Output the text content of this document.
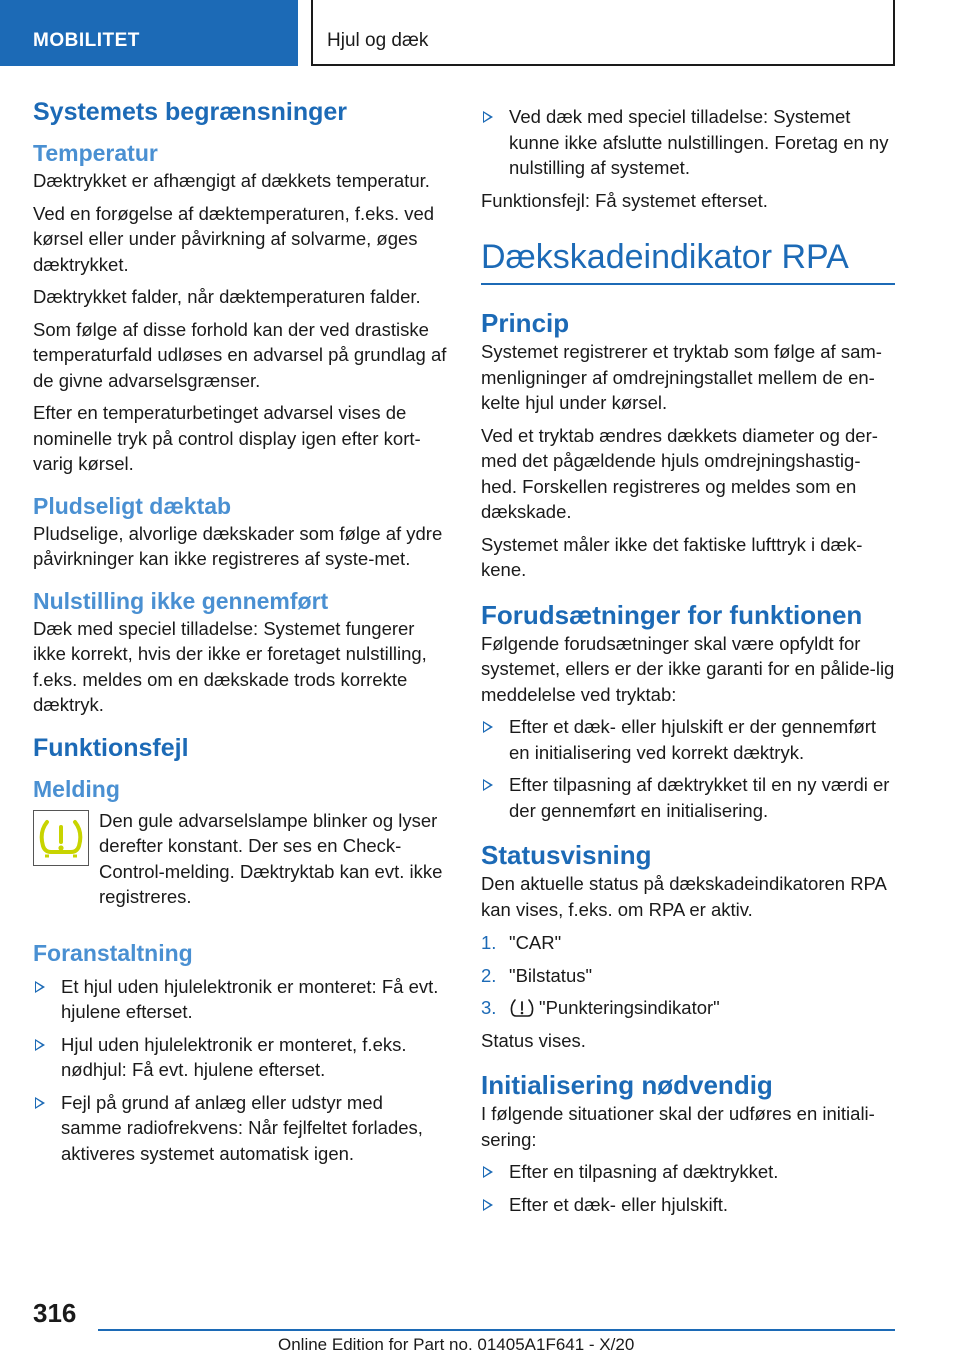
MOBILITET	Hjul og dæk
Systemets begrænsninger
Temperatur

Dæktrykket er afhængigt af dækkets temperatur.

Ved en forøgelse af dæktemperaturen, f.eks. ved kørsel eller under påvirkning af solvarme, øges dæktrykket.

Dæktrykket falder, når dæktemperaturen falder.

Som følge af disse forhold kan der ved drastiske temperaturfald udløses en advarsel på grundlag af de givne advarselsgrænser.

Efter en temperaturbetinget advarsel vises de nominelle tryk på control display igen efter kort-varig kørsel.

Pludseligt dæktab

Pludselige, alvorlige dækskader som følge af ydre påvirkninger kan ikke registreres af syste-met.

Nulstilling ikke gennemført

Dæk med speciel tilladelse: Systemet fungerer ikke korrekt, hvis der ikke er foretaget nulstilling, f.eks. meldes om en dækskade trods korrekte dæktryk.

Funktionsfejl
Melding
Den gule advarselslampe blinker og lyser derefter konstant. Der ses en Check-Control-melding. Dæktryktab kan evt. ikke registreres.
Foranstaltning
Et hjul uden hjulelektronik er monteret: Få evt. hjulene efterset.
Hjul uden hjulelektronik er monteret, f.eks. nødhjul: Få evt. hjulene efterset.
Fejl på grund af anlæg eller udstyr med samme radiofrekvens: Når fejlfeltet forlades, aktiveres systemet automatisk igen.
Ved dæk med speciel tilladelse: Systemet kunne ikke afslutte nulstillingen. Foretag en ny nulstilling af systemet.

Funktionsfejl: Få systemet efterset.

Dækskadeindikator RPA
Princip

Systemet registrerer et tryktab som følge af sam-menligninger af omdrejningstallet mellem de en-kelte hjul under kørsel.

Ved et tryktab ændres dækkets diameter og der-med det pågældende hjuls omdrejningshastig-hed. Forskellen registreres og meldes som en dækskade.

Systemet måler ikke det faktiske lufttryk i dæk-kene.

Forudsætninger for funktionen

Følgende forudsætninger skal være opfyldt for systemet, ellers er der ikke garanti for en pålide-lig meddelelse ved tryktab:

Efter et dæk- eller hjulskift er der gennemført en initialisering ved korrekt dæktryk.
Efter tilpasning af dæktrykket til en ny værdi er der gennemført en initialisering.
Statusvisning

Den aktuelle status på dækskadeindikatoren RPA kan vises, f.eks. om RPA er aktiv.

1. "CAR"
2. "Bilstatus"
3. "Punkteringsindikator"

Status vises.

Initialisering nødvendig

I følgende situationer skal der udføres en initiali-sering:

Efter en tilpasning af dæktrykket.
Efter et dæk- eller hjulskift.
316
Online Edition for Part no. 01405A1F641 - X/20
